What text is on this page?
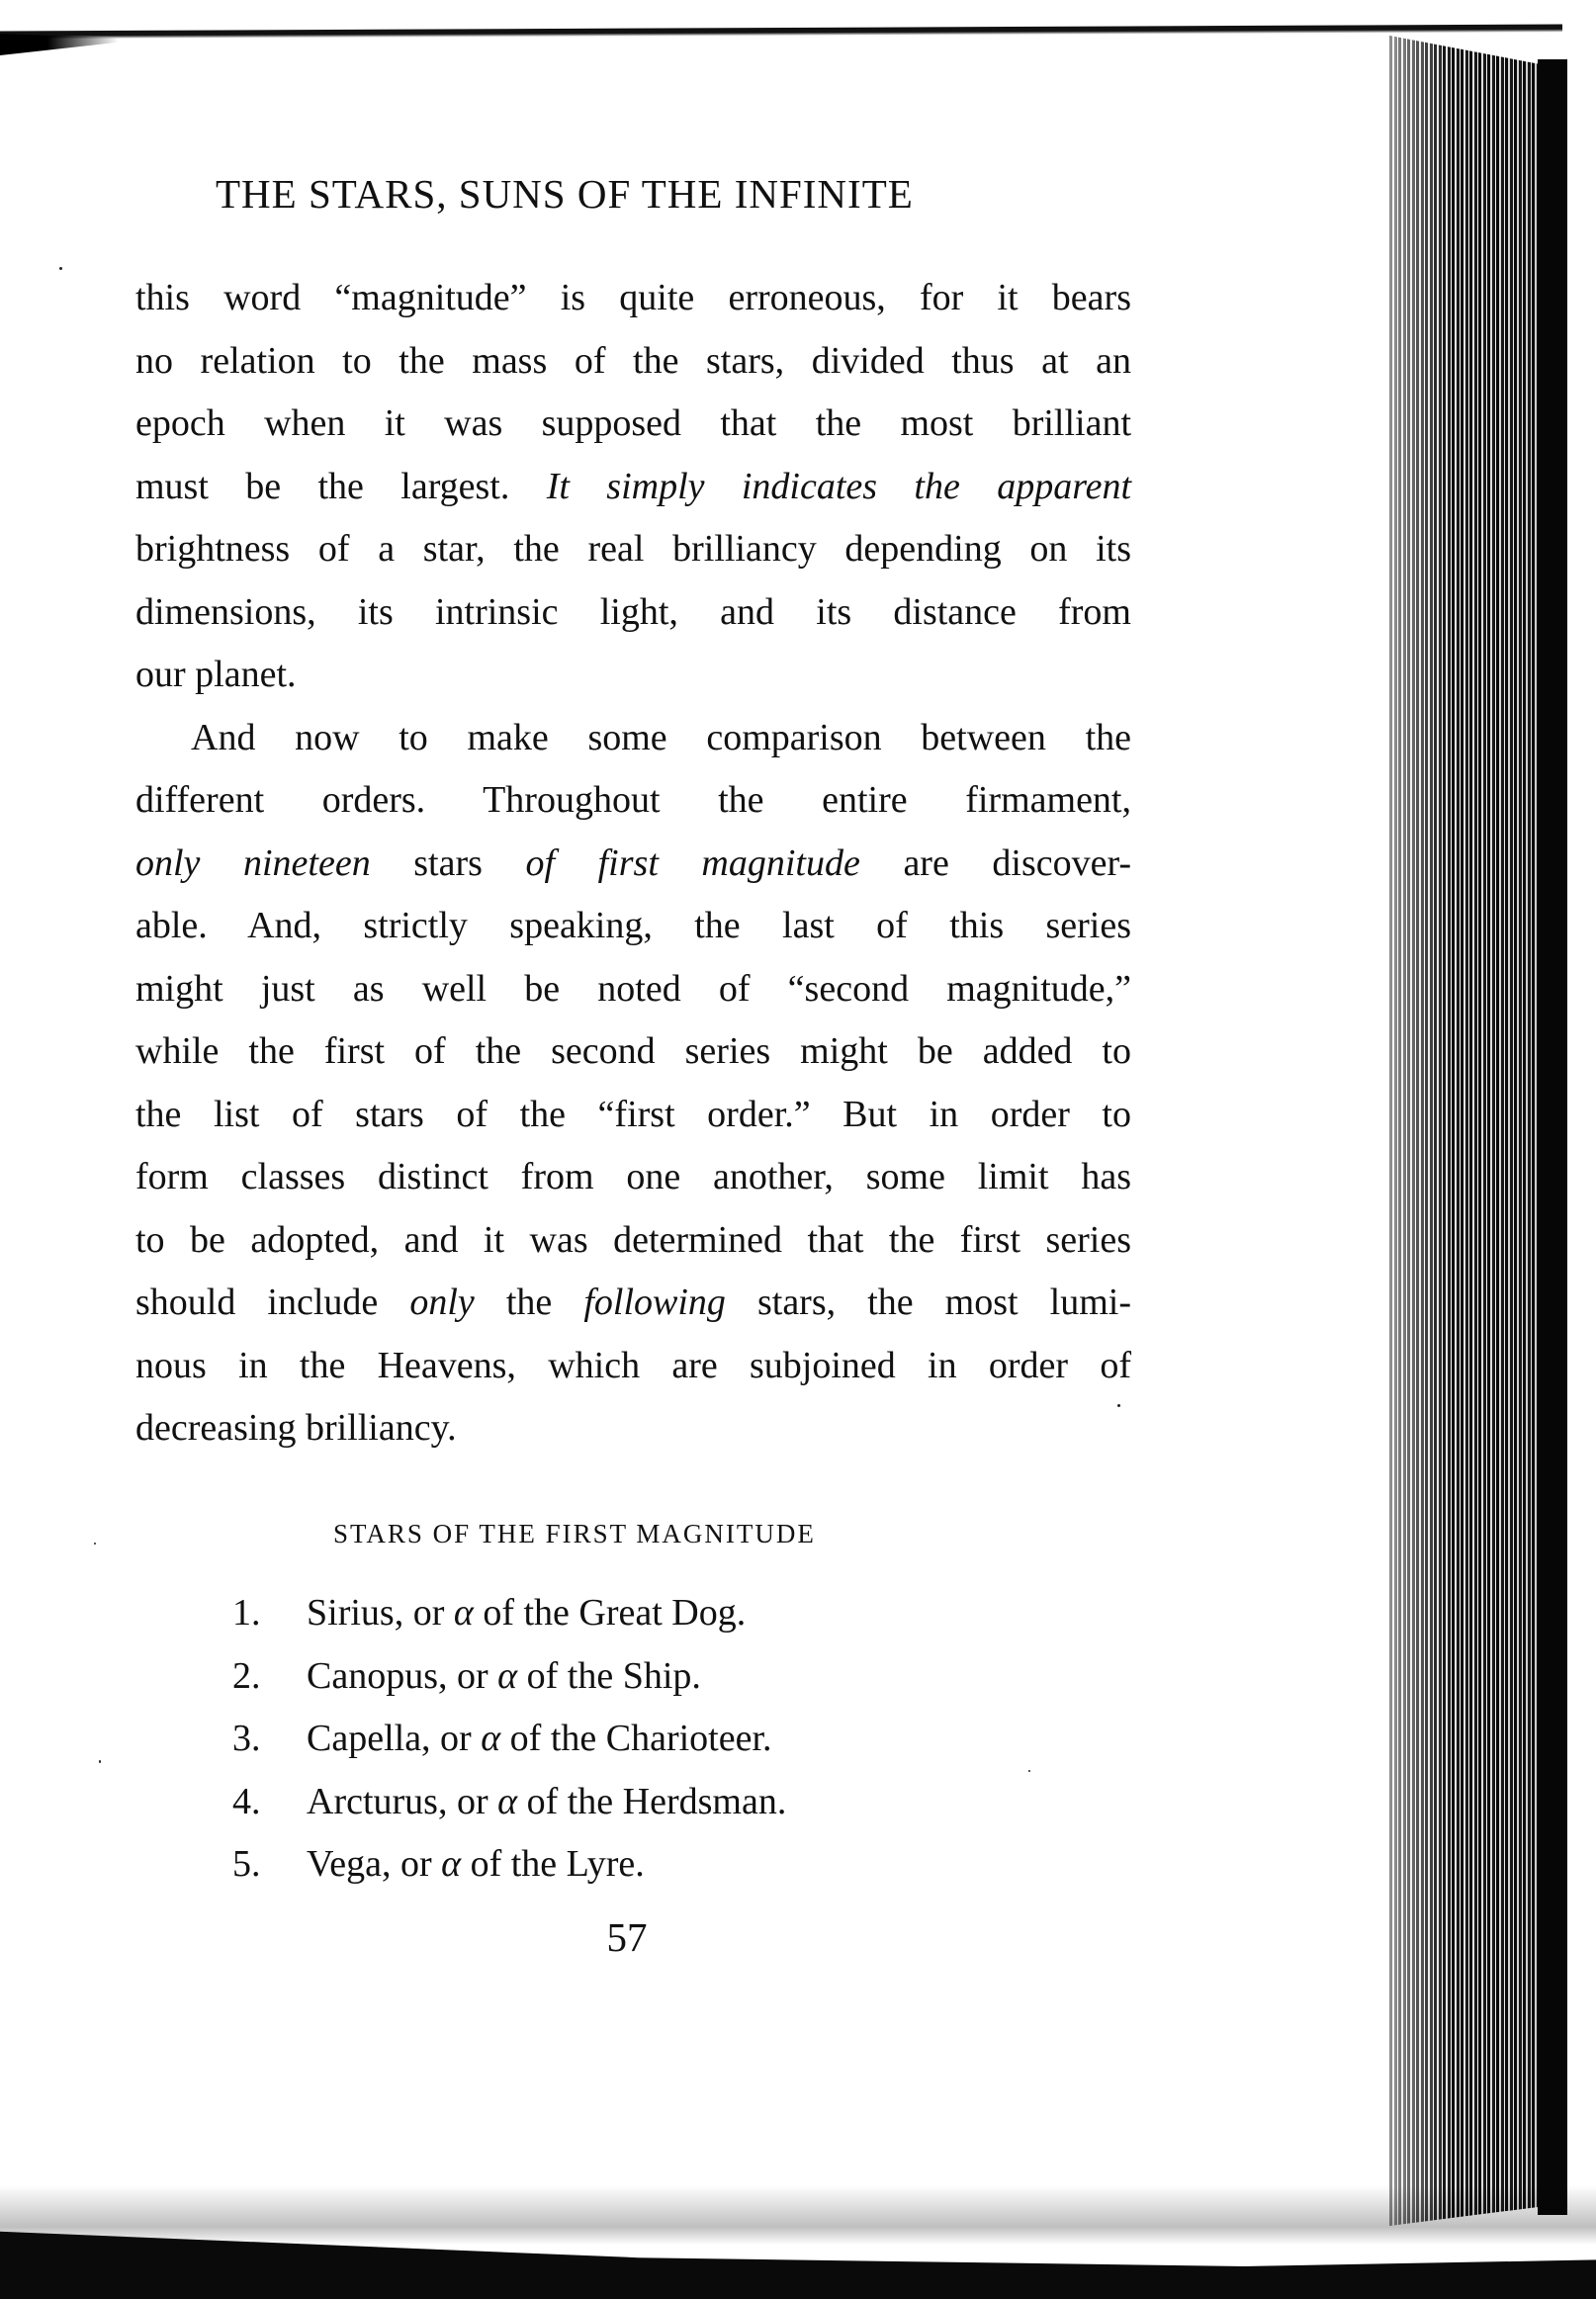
THE STARS, SUNS OF THE INFINITE
this word “magnitude” is quite erroneous, for it bears
no relation to the mass of the stars, divided thus at an
epoch when it was supposed that the most brilliant
must be the largest. It simply indicates the apparent
brightness of a star, the real brilliancy depending on its
dimensions, its intrinsic light, and its distance from
our planet.
And now to make some comparison between the
different orders. Throughout the entire firmament,
only nineteen stars of first magnitude are discover-
able. And, strictly speaking, the last of this series
might just as well be noted of “second magnitude,”
while the first of the second series might be added to
the list of stars of the “first order.” But in order to
form classes distinct from one another, some limit has
to be adopted, and it was determined that the first series
should include only the following stars, the most lumi-
nous in the Heavens, which are subjoined in order of
decreasing brilliancy.
STARS OF THE FIRST MAGNITUDE
1. Sirius, or α of the Great Dog.
2. Canopus, or α of the Ship.
3. Capella, or α of the Charioteer.
4. Arcturus, or α of the Herdsman.
5. Vega, or α of the Lyre.
57
